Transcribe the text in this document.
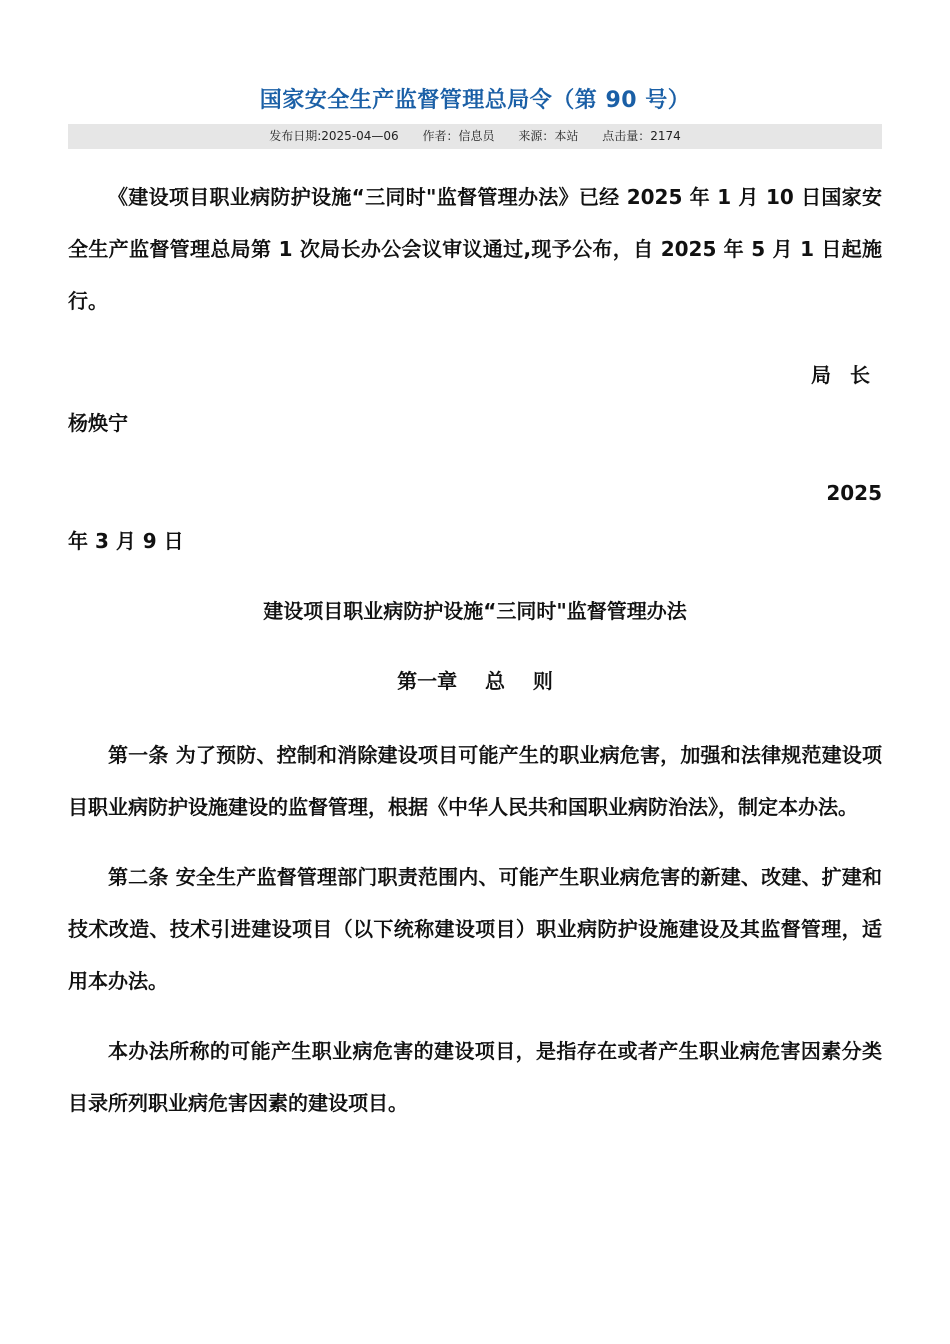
国家安全生产监督管理总局令（第 90 号）
发布日期:2025-04—06 作者：信息员 来源：本站 点击量：2174

《建设项目职业病防护设施“三同时"监督管理办法》已经 2025 年 1 月 10 日国家安全生产监督管理总局第 1 次局长办公会议审议通过,现予公布，自 2025 年 5 月 1 日起施行。

局 长

杨焕宁

2025

年 3 月 9 日

建设项目职业病防护设施“三同时"监督管理办法
第一章    总    则

第一条 为了预防、控制和消除建设项目可能产生的职业病危害，加强和法律规范建设项目职业病防护设施建设的监督管理，根据《中华人民共和国职业病防治法》，制定本办法。

第二条 安全生产监督管理部门职责范围内、可能产生职业病危害的新建、改建、扩建和技术改造、技术引进建设项目（以下统称建设项目）职业病防护设施建设及其监督管理，适用本办法。

本办法所称的可能产生职业病危害的建设项目，是指存在或者产生职业病危害因素分类目录所列职业病危害因素的建设项目。
